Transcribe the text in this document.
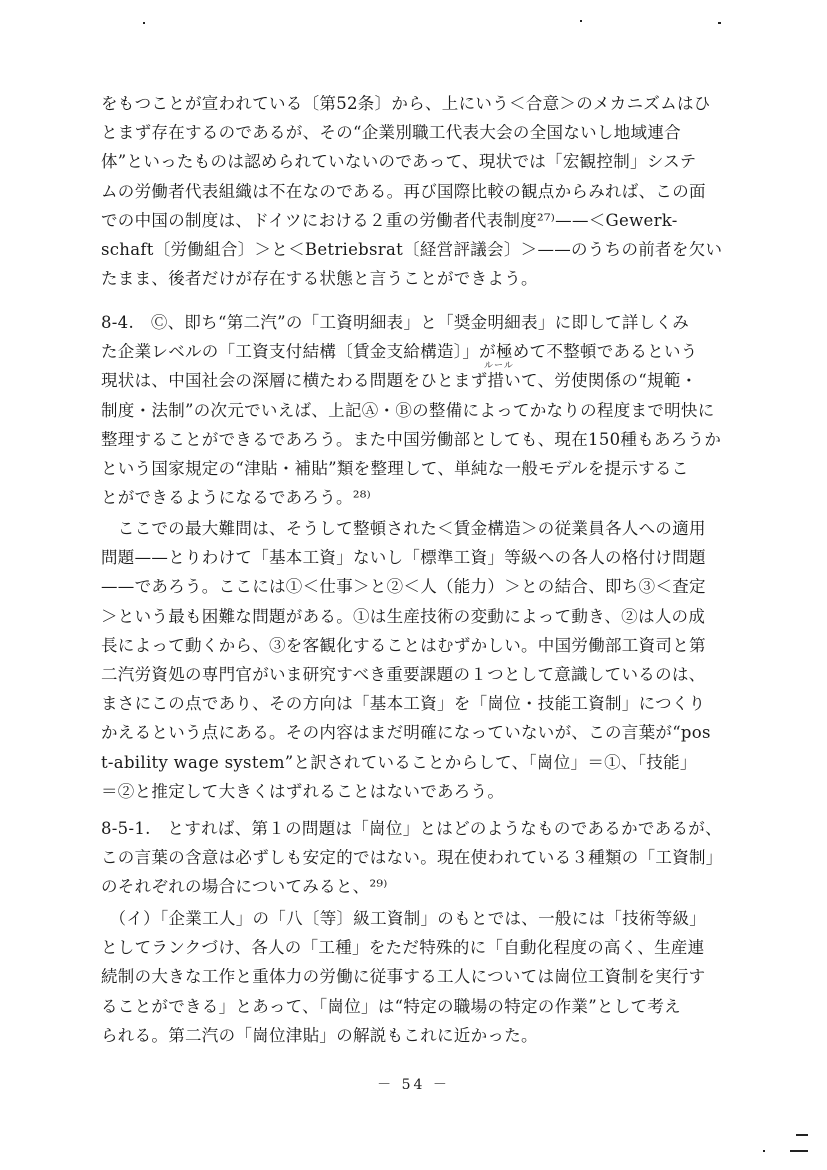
をもつことが宣われている〔第52条〕から、上にいう＜合意＞のメカニズムはひ
とまず存在するのであるが、その“企業別職工代表大会の全国ないし地域連合
体”といったものは認められていないのであって、現状では「宏観控制」システ
ムの労働者代表組織は不在なのである。再び国際比較の観点からみれば、この面
での中国の制度は、ドイツにおける２重の労働者代表制度²⁷⁾——＜Gewerk-
schaft〔労働組合〕＞と＜Betriebsrat〔経営評議会〕＞——のうちの前者を欠い
たまま、後者だけが存在する状態と言うことができよう。
8-4.　Ⓒ、即ち“第二汽”の「工資明細表」と「奨金明細表」に即して詳しくみ
た企業レベルの「工資支付結構〔賃金支給構造〕」が極めて不整頓であるという
現状は、中国社会の深層に横たわる問題をひとまず措いて、労使関係の“規範・
制度・法制”の次元でいえば、上記Ⓐ・Ⓑの整備によってかなりの程度まで明快に
整理することができるであろう。また中国労働部としても、現在150種もあろうか
という国家規定の“津貼・補貼”類を整理して、単純な一般モデルを提示するこ
とができるようになるであろう。²⁸⁾
ルール
　ここでの最大難問は、そうして整頓された＜賃金構造＞の従業員各人への適用
問題——とりわけて「基本工資」ないし「標準工資」等級への各人の格付け問題
——であろう。ここには①＜仕事＞と②＜人（能力）＞との結合、即ち③＜査定
＞という最も困難な問題がある。①は生産技術の変動によって動き、②は人の成
長によって動くから、③を客観化することはむずかしい。中国労働部工資司と第
二汽労資処の専門官がいま研究すべき重要課題の１つとして意識しているのは、
まさにこの点であり、その方向は「基本工資」を「崗位・技能工資制」につくり
かえるという点にある。その内容はまだ明確になっていないが、この言葉が“pos
t-ability wage system”と訳されていることからして、「崗位」＝①、「技能」
＝②と推定して大きくはずれることはないであろう。
8-5-1.　とすれば、第１の問題は「崗位」とはどのようなものであるかであるが、
この言葉の含意は必ずしも安定的ではない。現在使われている３種類の「工資制」
のそれぞれの場合についてみると、²⁹⁾
　（イ）「企業工人」の「八〔等〕級工資制」のもとでは、一般には「技術等級」
としてランクづけ、各人の「工種」をただ特殊的に「自動化程度の高く、生産連
続制の大きな工作と重体力の労働に従事する工人については崗位工資制を実行す
ることができる」とあって、「崗位」は“特定の職場の特定の作業”として考え
られる。第二汽の「崗位津貼」の解説もこれに近かった。
－ 54 －
